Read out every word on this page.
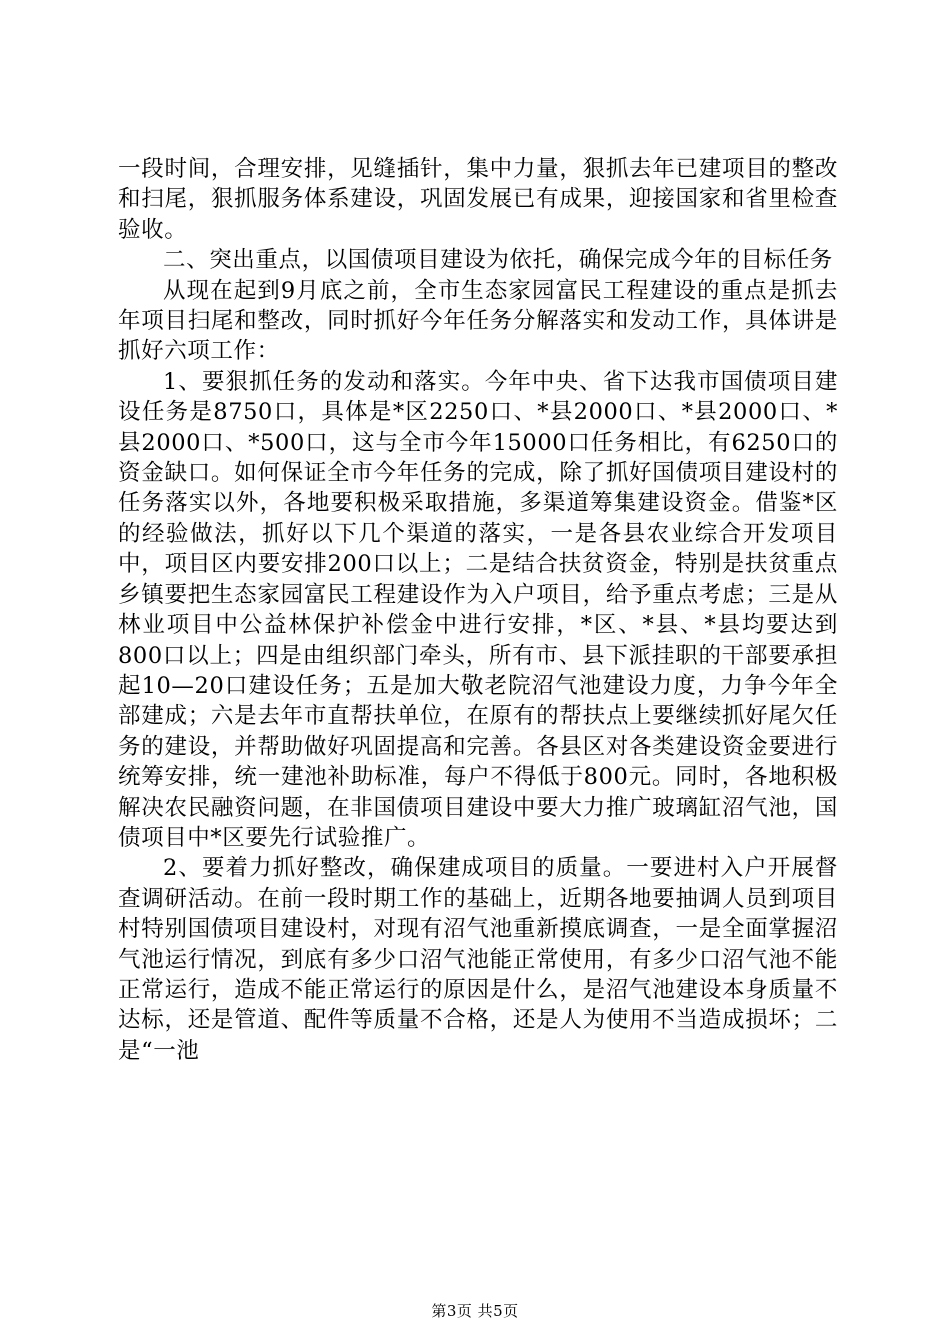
一段时间，合理安排，见缝插针，集中力量，狠抓去年已建项目的整改和扫尾，狠抓服务体系建设，巩固发展已有成果，迎接国家和省里检查验收。

二、突出重点，以国债项目建设为依托，确保完成今年的目标任务

从现在起到9月底之前，全市生态家园富民工程建设的重点是抓去年项目扫尾和整改，同时抓好今年任务分解落实和发动工作，具体讲是抓好六项工作：

1、要狠抓任务的发动和落实。今年中央、省下达我市国债项目建设任务是8750口，具体是*区2250口、*县2000口、*县2000口、*县2000口、*500口，这与全市今年15000口任务相比，有6250口的资金缺口。如何保证全市今年任务的完成，除了抓好国债项目建设村的任务落实以外，各地要积极采取措施，多渠道筹集建设资金。借鉴*区的经验做法，抓好以下几个渠道的落实，一是各县农业综合开发项目中，项目区内要安排200口以上；二是结合扶贫资金，特别是扶贫重点乡镇要把生态家园富民工程建设作为入户项目，给予重点考虑；三是从林业项目中公益林保护补偿金中进行安排，*区、*县、*县均要达到800口以上；四是由组织部门牵头，所有市、县下派挂职的干部要承担起10—20口建设任务；五是加大敬老院沼气池建设力度，力争今年全部建成；六是去年市直帮扶单位，在原有的帮扶点上要继续抓好尾欠任务的建设，并帮助做好巩固提高和完善。各县区对各类建设资金要进行统筹安排，统一建池补助标准，每户不得低于800元。同时，各地积极解决农民融资问题，在非国债项目建设中要大力推广玻璃缸沼气池，国债项目中*区要先行试验推广。

2、要着力抓好整改，确保建成项目的质量。一要进村入户开展督查调研活动。在前一段时期工作的基础上，近期各地要抽调人员到项目村特别国债项目建设村，对现有沼气池重新摸底调查，一是全面掌握沼气池运行情况，到底有多少口沼气池能正常使用，有多少口沼气池不能正常运行，造成不能正常运行的原因是什么，是沼气池建设本身质量不达标，还是管道、配件等质量不合格，还是人为使用不当造成损坏；二是“一池

第3页 共5页
